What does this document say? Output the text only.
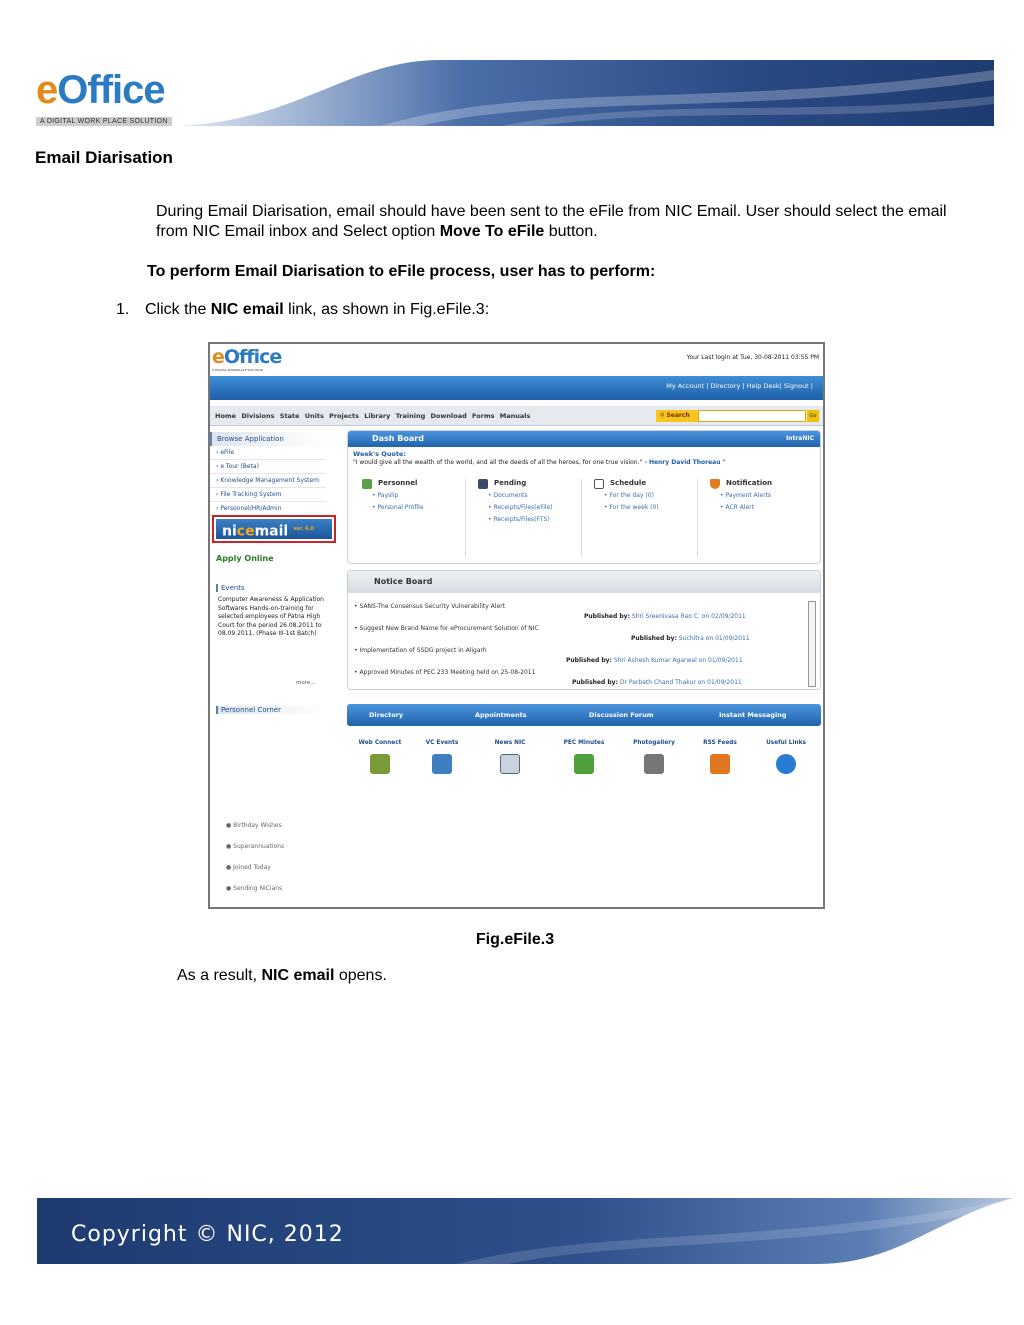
eOffice
A DIGITAL WORK PLACE SOLUTION
Email Diarisation
During Email Diarisation, email should have been sent to the eFile from NIC Email. User should select the email
from NIC Email inbox and Select option Move To eFile button.
To perform Email Diarisation to eFile process, user has to perform:
1. Click the NIC email link, as shown in Fig.eFile.3:
eOffice
A DIGITAL WORKPLACE SOLUTION
Your Last login at Tue, 30-08-2011 03:55 PM
My Account | Directory | Help Desk| Signout |
Home Divisions State Units Projects Library Training Download Forms Manuals	⚲ Search	Go
Browse Application
› eFile
› e Tour (Beta)
› Knowledge Management System
› File Tracking System
› Personnel/HR/Admin
nicemail $^{ver. 6.0}$
Apply Online
Events
Computer Awareness & Application Softwares Hands-on-training for selected employees of Patna High Court for the period 26.08.2011 to 08.09.2011. (Phase III-1st Batch)
more...
Personnel Corner
● Birthday Wishes
● Superannuations
● Joined Today
● Sending NICians
Dash Board	IntraNIC
Week's Quote:
"I would give all the wealth of the world, and all the deeds of all the heroes, for one true vision." - Henry David Thoreau "
Personnel
• Payslip
• Personal Profile
Pending
• Documents
• Receipts/Files(eFile)
• Receipts/Files(FTS)
Schedule
• For the day (0)
• For the week (0)
Notification
• Payment Alerts
• ACR Alert
Notice Board
• SANS-The Consensus Security Vulnerability Alert
• Suggest New Brand Name for eProcurement Solution of NIC
• Implementation of SSDG project in Aligarh
• Approved Minutes of PEC 233 Meeting held on 25-08-2011
Published by: Shri Sreenivasa Rao C. on 02/09/2011
Published by: Suchitra on 01/09/2011
Published by: Shri Ashesh Kumar Agarwal on 01/09/2011
Published by: Dr Parbath Chand Thakur on 01/09/2011
Directory	Appointments	Discussion Forum	Instant Messaging
Web Connect	VC Events	News NIC	PEC Minutes	Photogallery	RSS Feeds	Useful Links
Fig.eFile.3
As a result, NIC email opens.
Copyright © NIC, 2012
